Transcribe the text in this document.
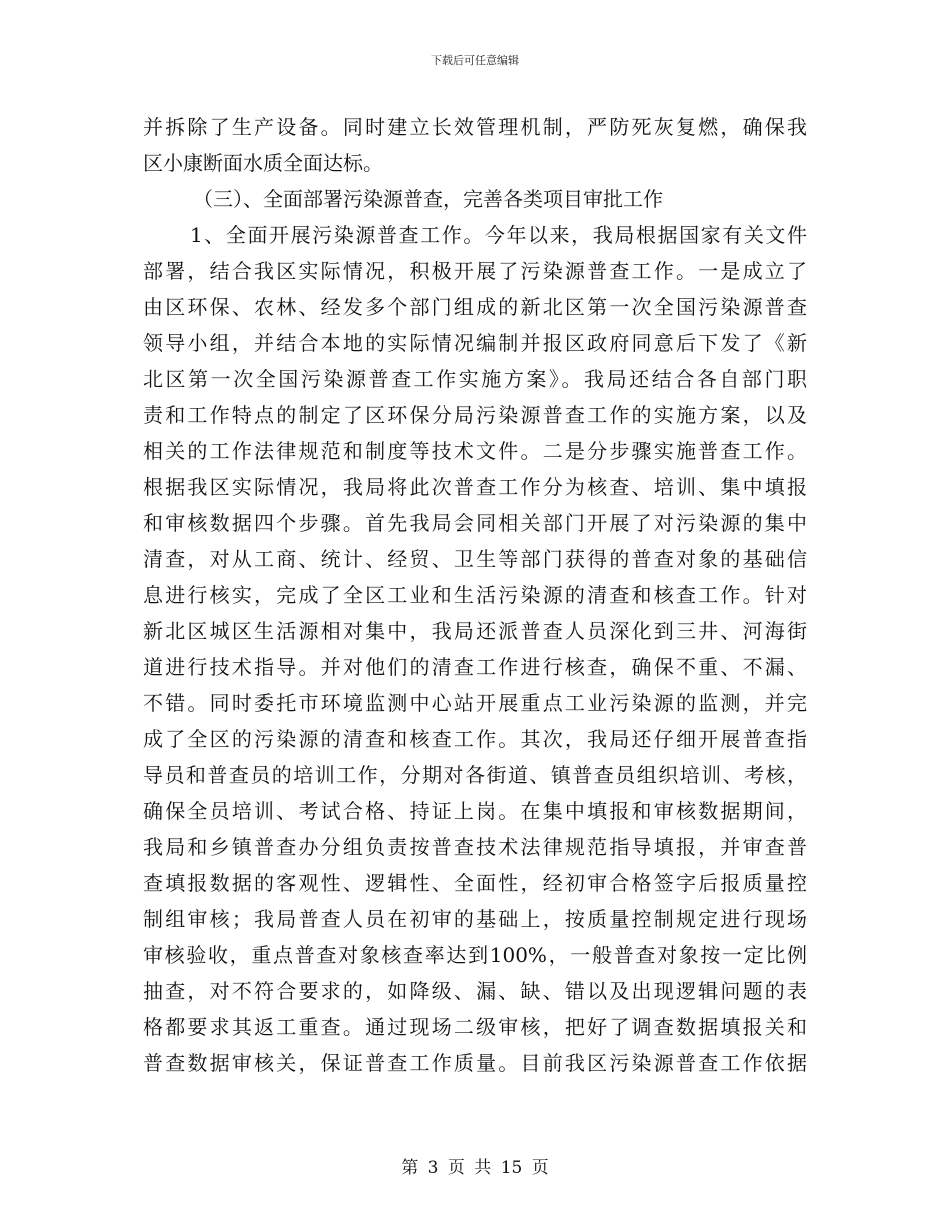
下载后可任意编辑
并拆除了生产设备。同时建立长效管理机制，严防死灰复燃，确保我
区小康断面水质全面达标。
（三）、全面部署污染源普查，完善各类项目审批工作
1、全面开展污染源普查工作。今年以来，我局根据国家有关文件
部署，结合我区实际情况，积极开展了污染源普查工作。一是成立了
由区环保、农林、经发多个部门组成的新北区第一次全国污染源普查
领导小组，并结合本地的实际情况编制并报区政府同意后下发了《新
北区第一次全国污染源普查工作实施方案》。我局还结合各自部门职
责和工作特点的制定了区环保分局污染源普查工作的实施方案，以及
相关的工作法律规范和制度等技术文件。二是分步骤实施普查工作。
根据我区实际情况，我局将此次普查工作分为核查、培训、集中填报
和审核数据四个步骤。首先我局会同相关部门开展了对污染源的集中
清查，对从工商、统计、经贸、卫生等部门获得的普查对象的基础信
息进行核实，完成了全区工业和生活污染源的清查和核查工作。针对
新北区城区生活源相对集中，我局还派普查人员深化到三井、河海街
道进行技术指导。并对他们的清查工作进行核查，确保不重、不漏、
不错。同时委托市环境监测中心站开展重点工业污染源的监测，并完
成了全区的污染源的清查和核查工作。其次，我局还仔细开展普查指
导员和普查员的培训工作，分期对各街道、镇普查员组织培训、考核，
确保全员培训、考试合格、持证上岗。在集中填报和审核数据期间，
我局和乡镇普查办分组负责按普查技术法律规范指导填报，并审查普
查填报数据的客观性、逻辑性、全面性，经初审合格签字后报质量控
制组审核；我局普查人员在初审的基础上，按质量控制规定进行现场
审核验收，重点普查对象核查率达到100%，一般普查对象按一定比例
抽查，对不符合要求的，如降级、漏、缺、错以及出现逻辑问题的表
格都要求其返工重查。通过现场二级审核，把好了调查数据填报关和
普查数据审核关，保证普查工作质量。目前我区污染源普查工作依据
第 3 页 共 15 页
